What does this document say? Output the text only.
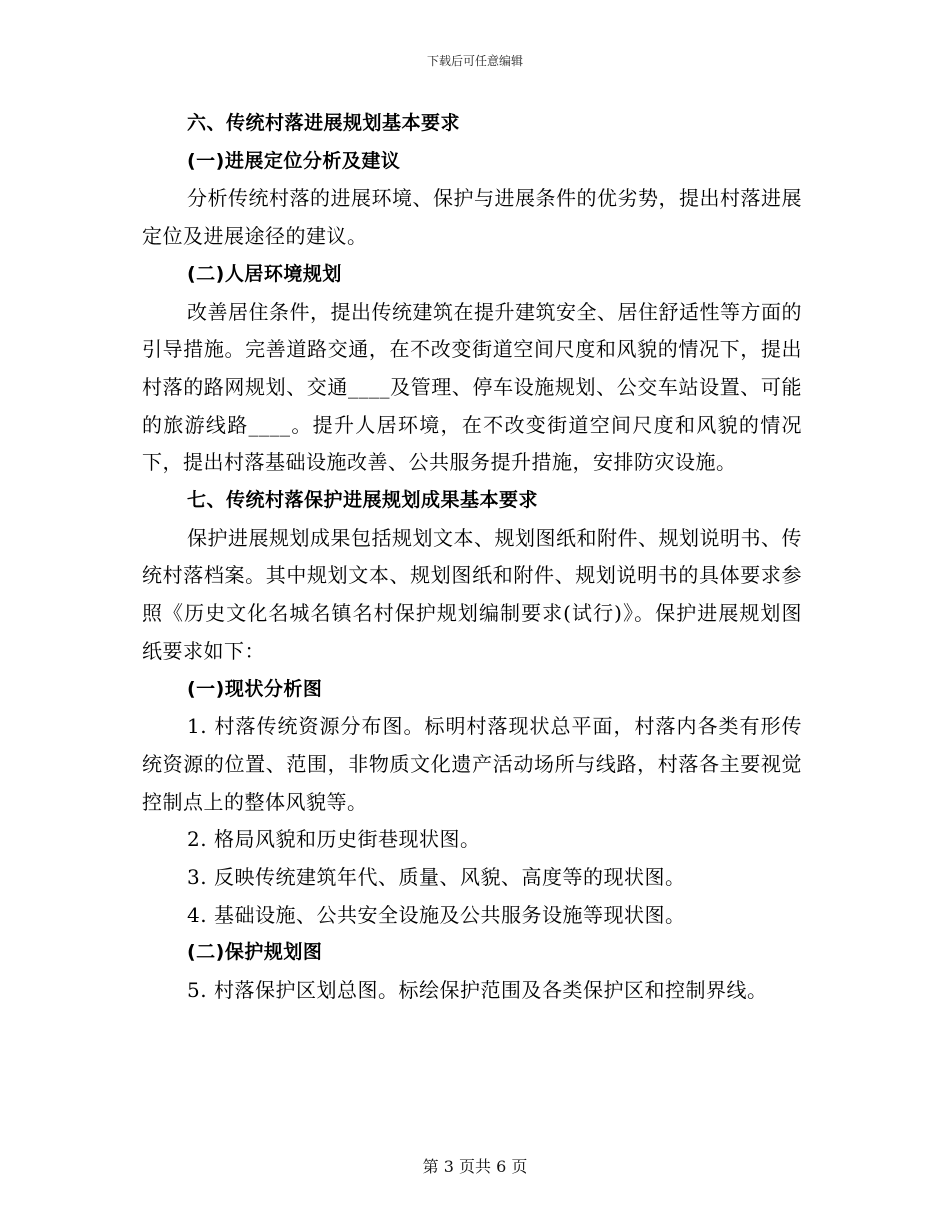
下载后可任意编辑

六、传统村落进展规划基本要求

(一)进展定位分析及建议

分析传统村落的进展环境、保护与进展条件的优劣势，提出村落进展定位及进展途径的建议。

(二)人居环境规划

改善居住条件，提出传统建筑在提升建筑安全、居住舒适性等方面的引导措施。完善道路交通，在不改变街道空间尺度和风貌的情况下，提出村落的路网规划、交通____及管理、停车设施规划、公交车站设置、可能的旅游线路____。提升人居环境，在不改变街道空间尺度和风貌的情况下，提出村落基础设施改善、公共服务提升措施，安排防灾设施。

七、传统村落保护进展规划成果基本要求

保护进展规划成果包括规划文本、规划图纸和附件、规划说明书、传统村落档案。其中规划文本、规划图纸和附件、规划说明书的具体要求参照《历史文化名城名镇名村保护规划编制要求(试行)》。保护进展规划图纸要求如下：

(一)现状分析图

1. 村落传统资源分布图。标明村落现状总平面，村落内各类有形传统资源的位置、范围，非物质文化遗产活动场所与线路，村落各主要视觉控制点上的整体风貌等。

2. 格局风貌和历史街巷现状图。

3. 反映传统建筑年代、质量、风貌、高度等的现状图。

4. 基础设施、公共安全设施及公共服务设施等现状图。

(二)保护规划图

5. 村落保护区划总图。标绘保护范围及各类保护区和控制界线。

第 3 页共 6 页
